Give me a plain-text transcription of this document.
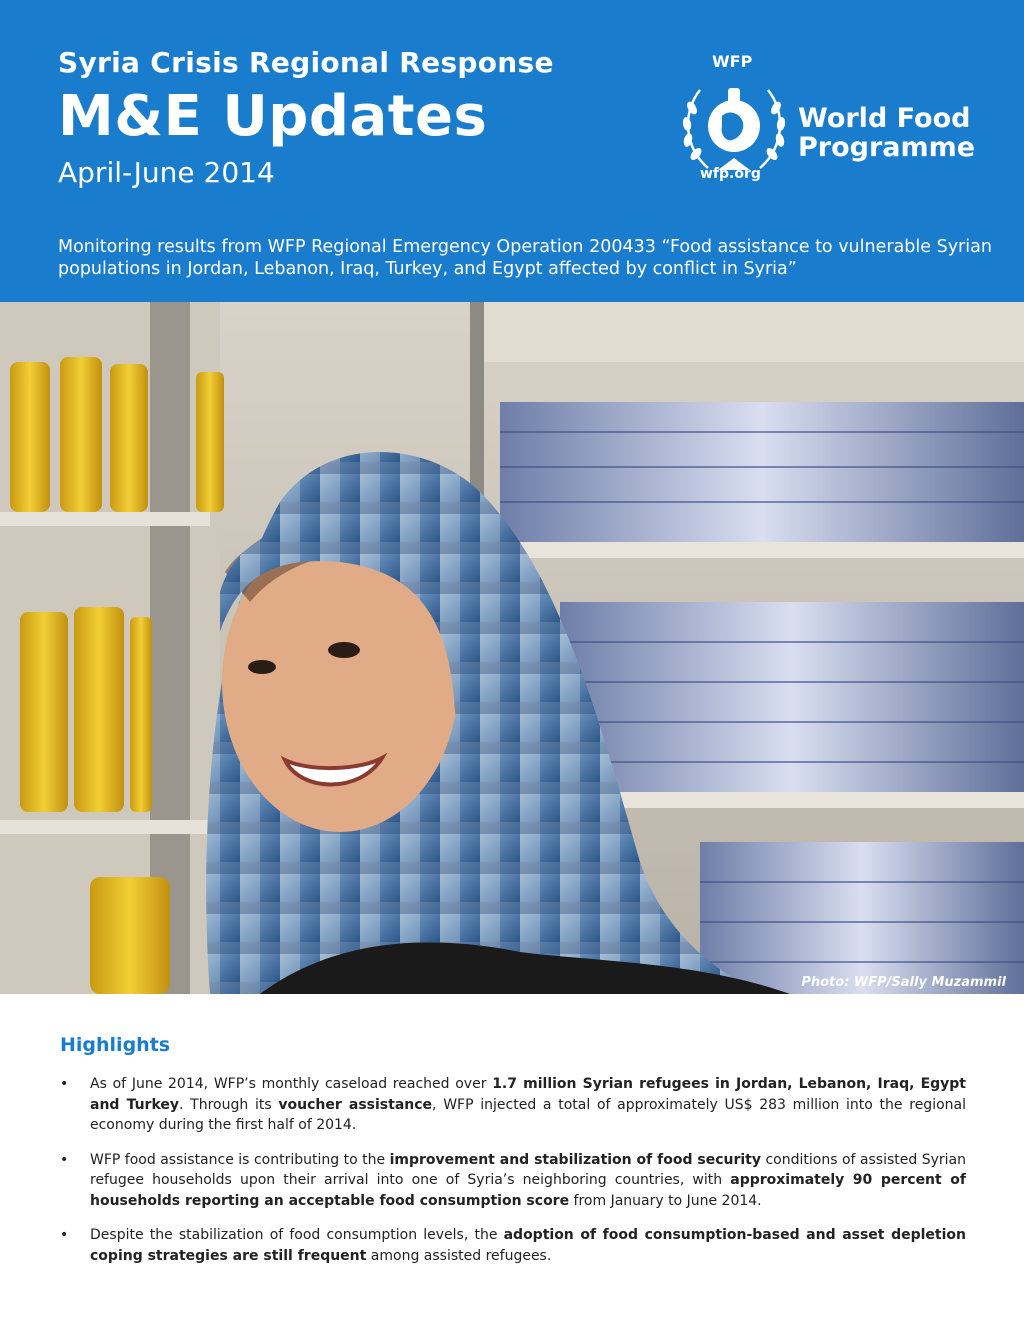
Syria Crisis Regional Response
M&E Updates
April-June 2014
Monitoring results from WFP Regional Emergency Operation 200433 “Food assistance to vulnerable Syrian populations in Jordan, Lebanon, Iraq, Turkey, and Egypt affected by conflict in Syria”
WFP
wfp.org
World Food
Programme
Photo: WFP/Sally Muzammil
Highlights
• As of June 2014, WFP’s monthly caseload reached over 1.7 million Syrian refugees in Jordan, Lebanon, Iraq, Egypt and Turkey. Through its voucher assistance, WFP injected a total of approximately US$ 283 million into the regional economy during the first half of 2014.
• WFP food assistance is contributing to the improvement and stabilization of food security conditions of assisted Syrian refugee households upon their arrival into one of Syria’s neighboring countries, with approximately 90 percent of households reporting an acceptable food consumption score from January to June 2014.
• Despite the stabilization of food consumption levels, the adoption of food consumption-based and asset depletion coping strategies are still frequent among assisted refugees.
